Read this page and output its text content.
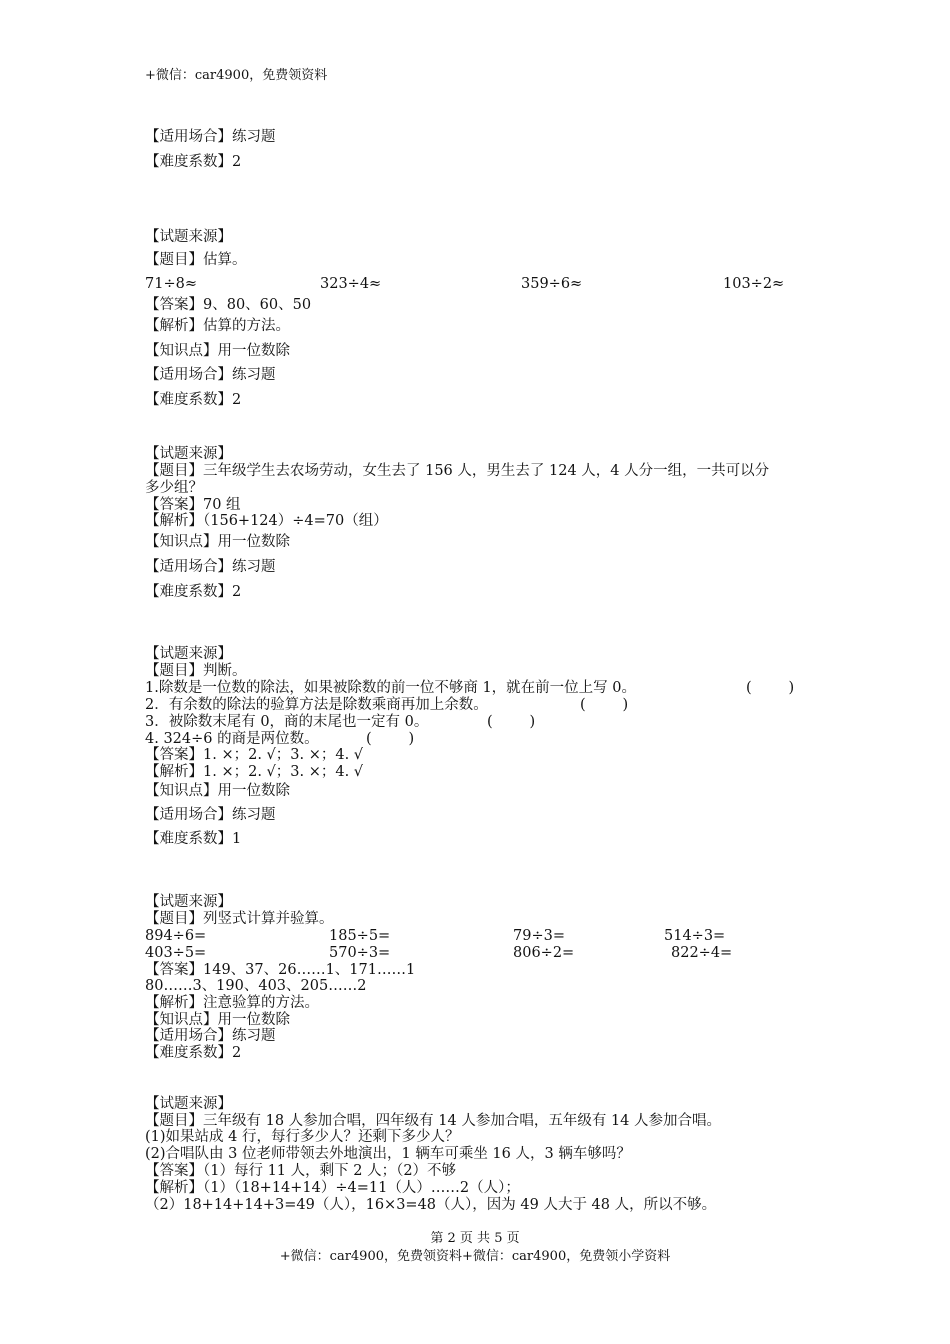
+微信：car4900，免费领资料
【适用场合】练习题
【难度系数】2
【试题来源】
【题目】估算。
71÷8≈	323÷4≈	359÷6≈	103÷2≈
【答案】9、80、60、50
【解析】估算的方法。
【知识点】用一位数除
【适用场合】练习题
【难度系数】2
【试题来源】
【题目】三年级学生去农场劳动，女生去了 156 人，男生去了 124 人，4 人分一组，一共可以分
多少组？
【答案】70 组
【解析】（156+124）÷4=70（组）
【知识点】用一位数除
【适用场合】练习题
【难度系数】2
【试题来源】
【题目】判断。
1.除数是一位数的除法，如果被除数的前一位不够商 1，就在前一位上写 0。	(        )
2．有余数的除法的验算方法是除数乘商再加上余数。	(        )
3．被除数末尾有 0，商的末尾也一定有 0。	(        )
4. 324÷6 的商是两位数。	(        )
【答案】1. ×；2. √；3. ×；4. √
【解析】1. ×；2. √；3. ×；4. √
【知识点】用一位数除
【适用场合】练习题
【难度系数】1
【试题来源】
【题目】列竖式计算并验算。
894÷6=	185÷5=	79÷3=	514÷3=
403÷5=	570÷3=	806÷2=	822÷4=
【答案】149、37、26……1、171……1
80……3、190、403、205……2
【解析】注意验算的方法。
【知识点】用一位数除
【适用场合】练习题
【难度系数】2
【试题来源】
【题目】三年级有 18 人参加合唱，四年级有 14 人参加合唱，五年级有 14 人参加合唱。
(1)如果站成 4 行，每行多少人？还剩下多少人？
(2)合唱队由 3 位老师带领去外地演出，1 辆车可乘坐 16 人，3 辆车够吗？
【答案】（1）每行 11 人，剩下 2 人；（2）不够
【解析】（1）（18+14+14）÷4=11（人）……2（人）；
（2）18+14+14+3=49（人），16×3=48（人），因为 49 人大于 48 人，所以不够。
第 2 页 共 5 页
+微信：car4900，免费领资料+微信：car4900，免费领小学资料
